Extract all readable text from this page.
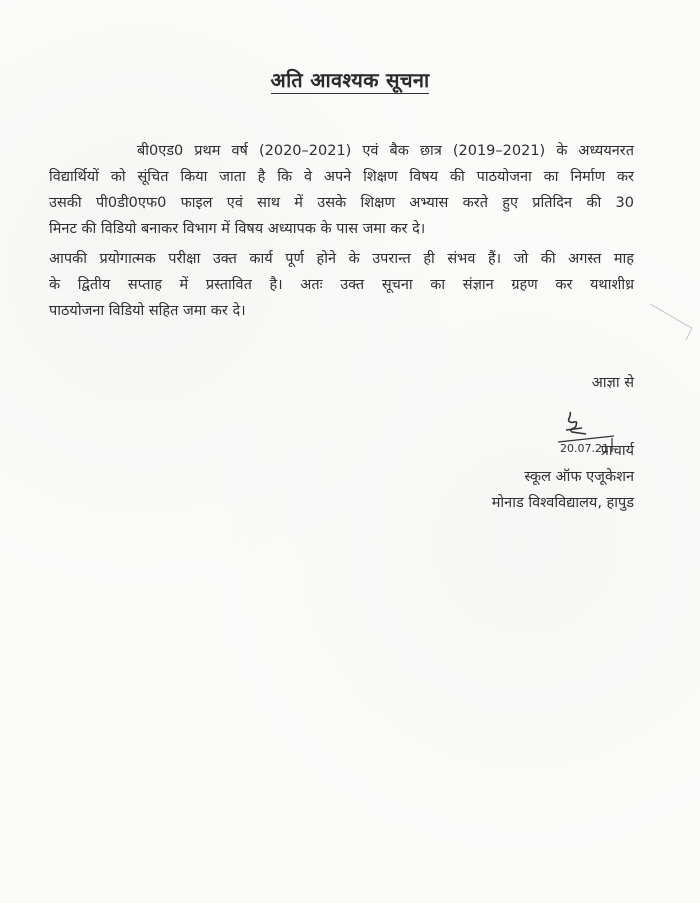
अति आवश्यक सूचना
बी0एड0 प्रथम वर्ष (2020–2021) एवं बैक छात्र (2019–2021) के अध्ययनरत
विद्यार्थियों को सूंचित किया जाता है कि वे अपने शिक्षण विषय की पाठयोजना का निर्माण कर
उसकी पी0डी0एफ0 फाइल एवं साथ में उसके शिक्षण अभ्यास करते हुए प्रतिदिन की 30
मिनट की विडियो बनाकर विभाग में विषय अध्यापक के पास जमा कर दे।
आपकी प्रयोगात्मक परीक्षा उक्त कार्य पूर्ण होने के उपरान्त ही संभव हैं। जो की अगस्त माह
के द्वितीय सप्ताह में प्रस्तावित है। अतः उक्त सूचना का संज्ञान ग्रहण कर यथाशीध्र
पाठयोजना विडियो सहित जमा कर दे।
आज्ञा से
20.07.21
प्राचार्य
स्कूल ऑफ एजूकेशन
मोनाड विश्वविद्यालय, हापुड
